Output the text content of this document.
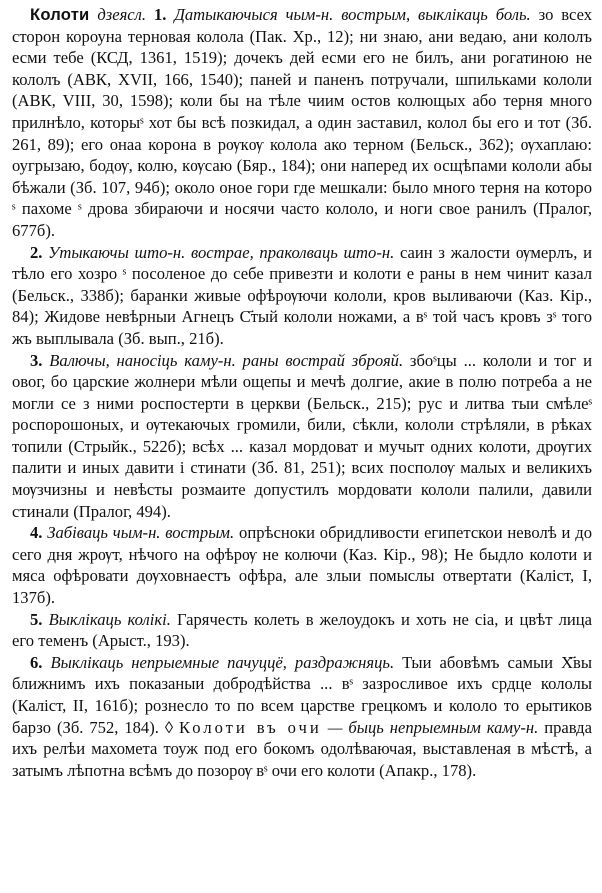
Колоти дзеясл. 1. Датыкаючыся чым-н. вострым, выклікаць боль. зо всех сторон короуна терновая колола (Пак. Хр., 12); ни знаю, ани ведаю, ани кололъ есми тебе (КСД, 1361, 1519); дочекъ дей есми его не билъ, ани рогатиною не кололъ (АВК, XVII, 166, 1540); паней и паненъ потручали, шпильками кололи (АВК, VIII, 30, 1598); коли бы на тѣле чиим остов колющых або терня много прилнѣло, которыˢ хот бы всѣ позкидал, а один заставил, колол бы его и тот (Зб. 261, 89); его онаа корона в рѹкѹ колола ако терном (Бельск., 362); ѹхаплаю: оугрызаю, бодѹ, колю, кѹсаю (Бяр., 184); они наперед их осщѣпами кололи абы бѣжали (Зб. 107, 94б); около оное гори где мешкали: было много терня на которо ˢ пахоме ˢ дрова збираючи и носячи часто кололо, и ноги свое ранилъ (Пралог, 677б).

2. Утыкаючы што-н. вострае, праколваць што-н. саин з жалости ѹмерлъ, и тѣло его хозро ˢ посоленое до себе привезти и колоти е раны в нем чинит казал (Бельск., 338б); баранки живые офѣрѹючи кололи, кров выливаючи (Каз. Кір., 84); Жидове невѣрныи Агнецъ С҃тый кололи ножами, а вˢ той часъ кровъ зˢ того жъ выплывала (Зб. вып., 21б).

3. Валючы, наносіць каму-н. раны вострай зброяй. збоˢцы ... кололи и тог и овог, бо царские жолнери мѣли ощепы и мечѣ долгие, акие в полю потреба а не могли се з ними роспостерти в церкви (Бельск., 215); рус и литва тыи смѣлеˢ роспорошоных, и ѹтекаючых громили, били, сѣкли, кололи стрѣляли, в рѣках топили (Стрыйк., 522б); всѣх ... казал мордоват и мучыт одних колоти, дрѹгих палити и иных давити і стинати (Зб. 81, 251); всих посполѹ малых и великихъ мѹзчизны и невѣсты розмаите допустилъ мордовати кололи палили, давили стинали (Пралог, 494).

4. Забіваць чым-н. вострым. опрѣсноки обридливости египетскои неволѣ и до сего дня жрѹт, нѣчого на офѣрѹ не колючи (Каз. Кір., 98); Не быдло колоти и мяса офѣровати дѹховнаестъ офѣра, але злыи помыслы отвертати (Каліст, I, 137б).

5. Выклікаць колікі. Гарячесть колеть в желоудокъ и хоть не сіа, и цвѣт лица его теменъ (Арыст., 193).

6. Выклікаць непрыемные пачуццё, раздражняць. Тыи абовѣмъ самыи Х҃вы ближнимъ ихъ показаныи добродѣйства ... вˢ зазросливое ихъ срдце кололы (Каліст, II, 161б); рознесло то по всем царстве грецкомъ и кололо то ерытиков барзо (Зб. 752, 184). ◊ Колоти въ очи — быць непрыемным каму-н. правда ихъ релѣи махомета тоуж под его бокомъ одолѣваючая, выставленая в мѣстѣ, а затымъ лѣпотна всѣмъ до позорѹ вˢ очи его колоти (Апакр., 178).
